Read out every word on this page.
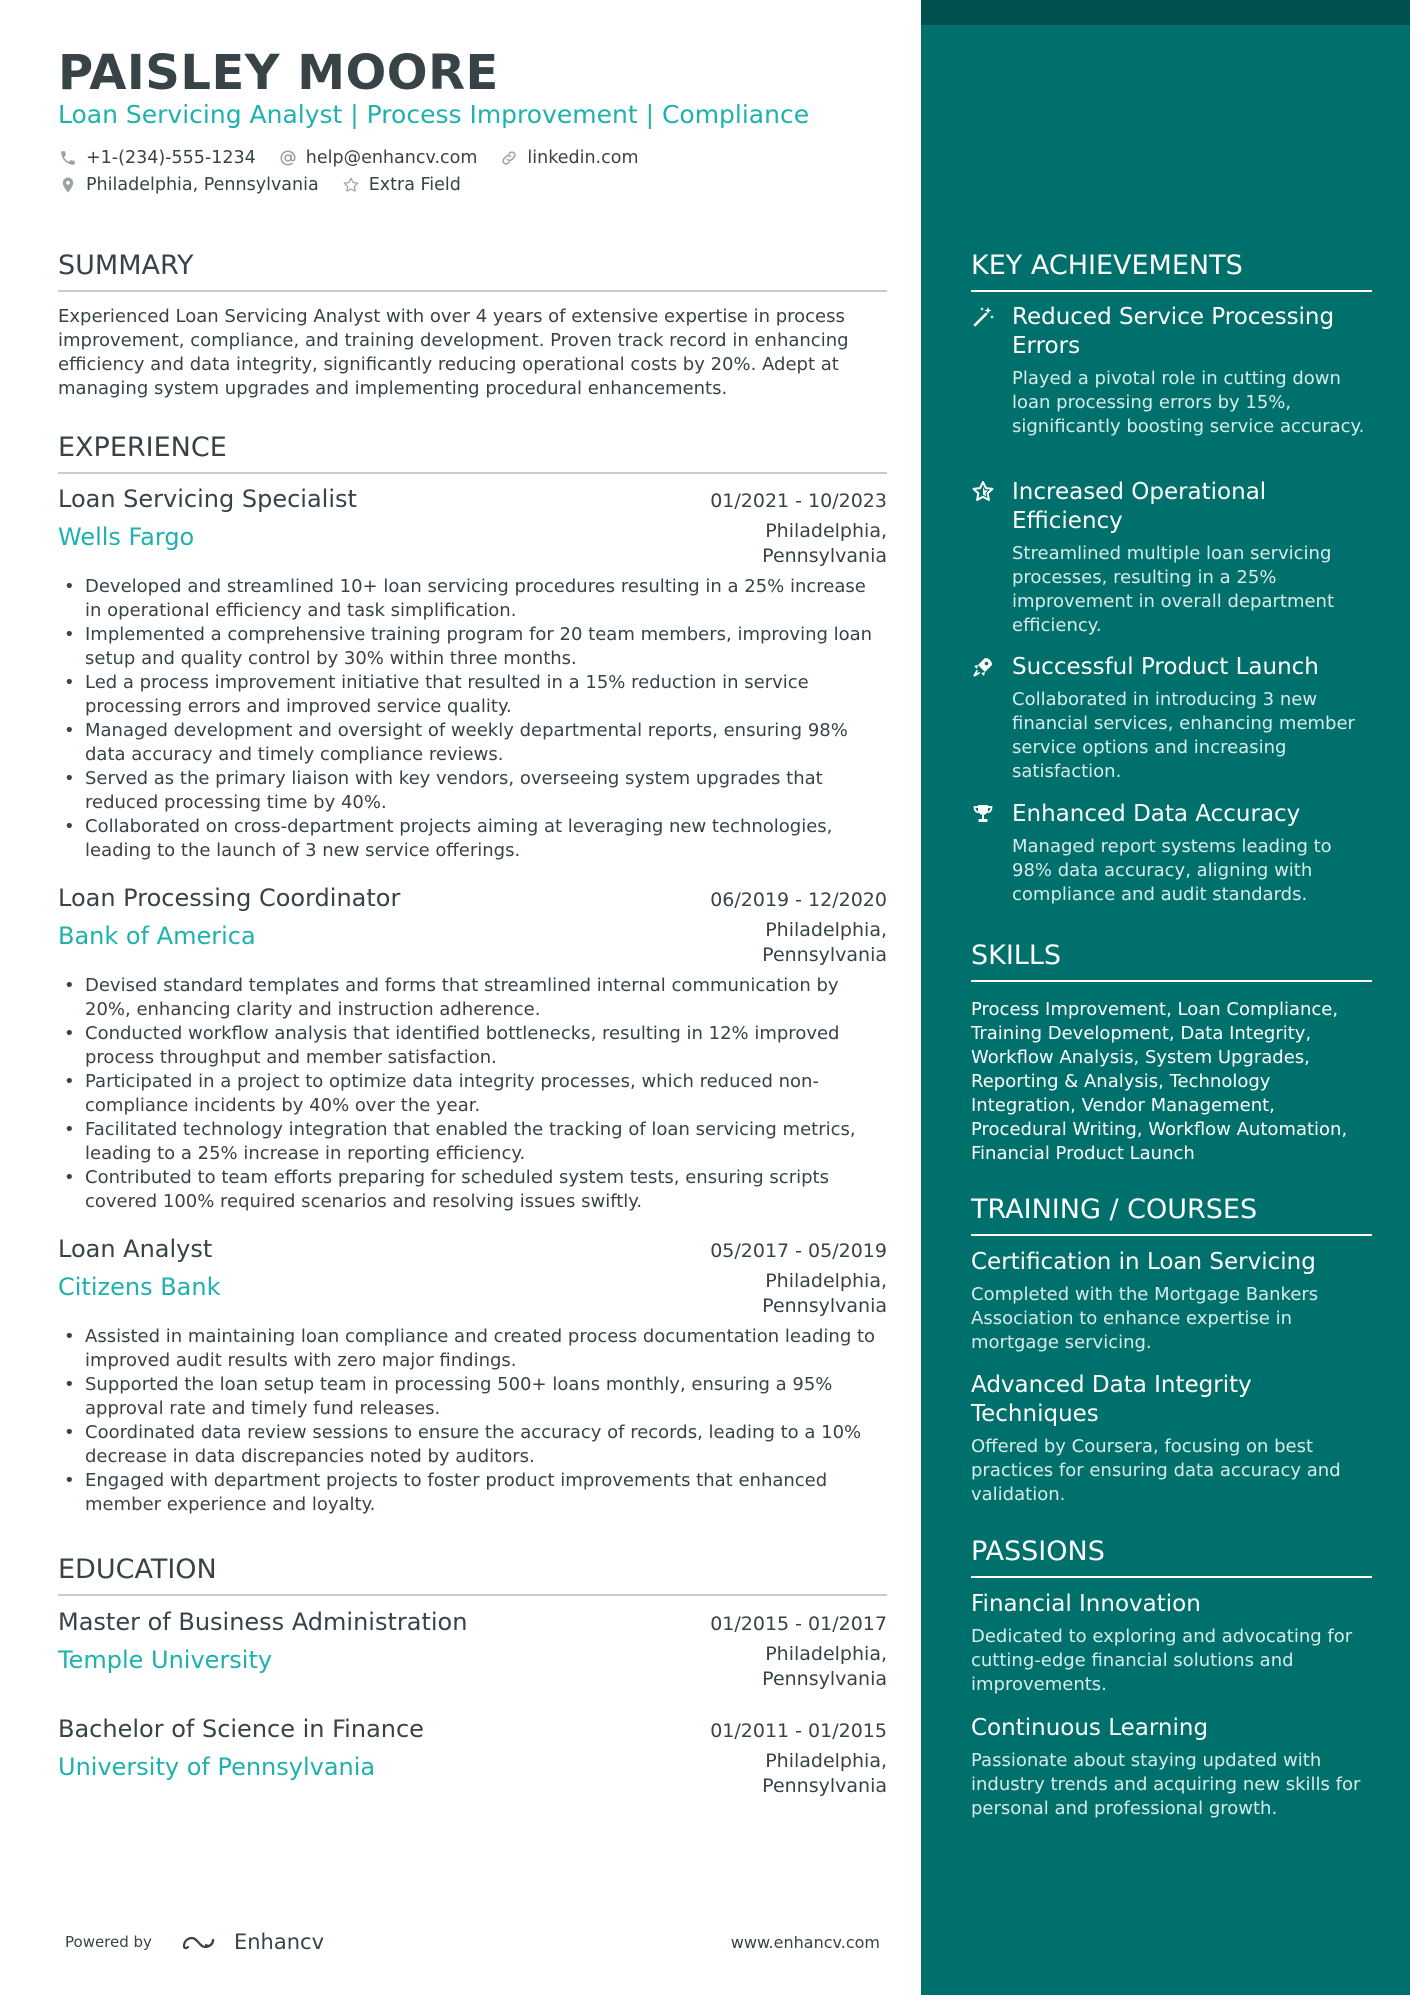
PAISLEY MOORE
Loan Servicing Analyst | Process Improvement | Compliance
+1-(234)-555-1234	help@enhancv.com	linkedin.com
Philadelphia, Pennsylvania	Extra Field
SUMMARY
Experienced Loan Servicing Analyst with over 4 years of extensive expertise in process improvement, compliance, and training development. Proven track record in enhancing efficiency and data integrity, significantly reducing operational costs by 20%. Adept at managing system upgrades and implementing procedural enhancements.
EXPERIENCE
Loan Servicing Specialist	01/2021 - 10/2023
Wells Fargo	Philadelphia, Pennsylvania
• Developed and streamlined 10+ loan servicing procedures resulting in a 25% increase in operational efficiency and task simplification.
• Implemented a comprehensive training program for 20 team members, improving loan setup and quality control by 30% within three months.
• Led a process improvement initiative that resulted in a 15% reduction in service processing errors and improved service quality.
• Managed development and oversight of weekly departmental reports, ensuring 98% data accuracy and timely compliance reviews.
• Served as the primary liaison with key vendors, overseeing system upgrades that reduced processing time by 40%.
• Collaborated on cross-department projects aiming at leveraging new technologies, leading to the launch of 3 new service offerings.
Loan Processing Coordinator	06/2019 - 12/2020
Bank of America	Philadelphia, Pennsylvania
• Devised standard templates and forms that streamlined internal communication by 20%, enhancing clarity and instruction adherence.
• Conducted workflow analysis that identified bottlenecks, resulting in 12% improved process throughput and member satisfaction.
• Participated in a project to optimize data integrity processes, which reduced non-compliance incidents by 40% over the year.
• Facilitated technology integration that enabled the tracking of loan servicing metrics, leading to a 25% increase in reporting efficiency.
• Contributed to team efforts preparing for scheduled system tests, ensuring scripts covered 100% required scenarios and resolving issues swiftly.
Loan Analyst	05/2017 - 05/2019
Citizens Bank	Philadelphia, Pennsylvania
• Assisted in maintaining loan compliance and created process documentation leading to improved audit results with zero major findings.
• Supported the loan setup team in processing 500+ loans monthly, ensuring a 95% approval rate and timely fund releases.
• Coordinated data review sessions to ensure the accuracy of records, leading to a 10% decrease in data discrepancies noted by auditors.
• Engaged with department projects to foster product improvements that enhanced member experience and loyalty.
EDUCATION
Master of Business Administration	01/2015 - 01/2017
Temple University	Philadelphia, Pennsylvania
Bachelor of Science in Finance	01/2011 - 01/2015
University of Pennsylvania	Philadelphia, Pennsylvania
Powered by	Enhancv	www.enhancv.com
KEY ACHIEVEMENTS
Reduced Service Processing Errors
Played a pivotal role in cutting down loan processing errors by 15%, significantly boosting service accuracy.
Increased Operational Efficiency
Streamlined multiple loan servicing processes, resulting in a 25% improvement in overall department efficiency.
Successful Product Launch
Collaborated in introducing 3 new financial services, enhancing member service options and increasing satisfaction.
Enhanced Data Accuracy
Managed report systems leading to 98% data accuracy, aligning with compliance and audit standards.
SKILLS
Process Improvement, Loan Compliance, Training Development, Data Integrity, Workflow Analysis, System Upgrades, Reporting & Analysis, Technology Integration, Vendor Management, Procedural Writing, Workflow Automation, Financial Product Launch
TRAINING / COURSES
Certification in Loan Servicing
Completed with the Mortgage Bankers Association to enhance expertise in mortgage servicing.
Advanced Data Integrity Techniques
Offered by Coursera, focusing on best practices for ensuring data accuracy and validation.
PASSIONS
Financial Innovation
Dedicated to exploring and advocating for cutting-edge financial solutions and improvements.
Continuous Learning
Passionate about staying updated with industry trends and acquiring new skills for personal and professional growth.
